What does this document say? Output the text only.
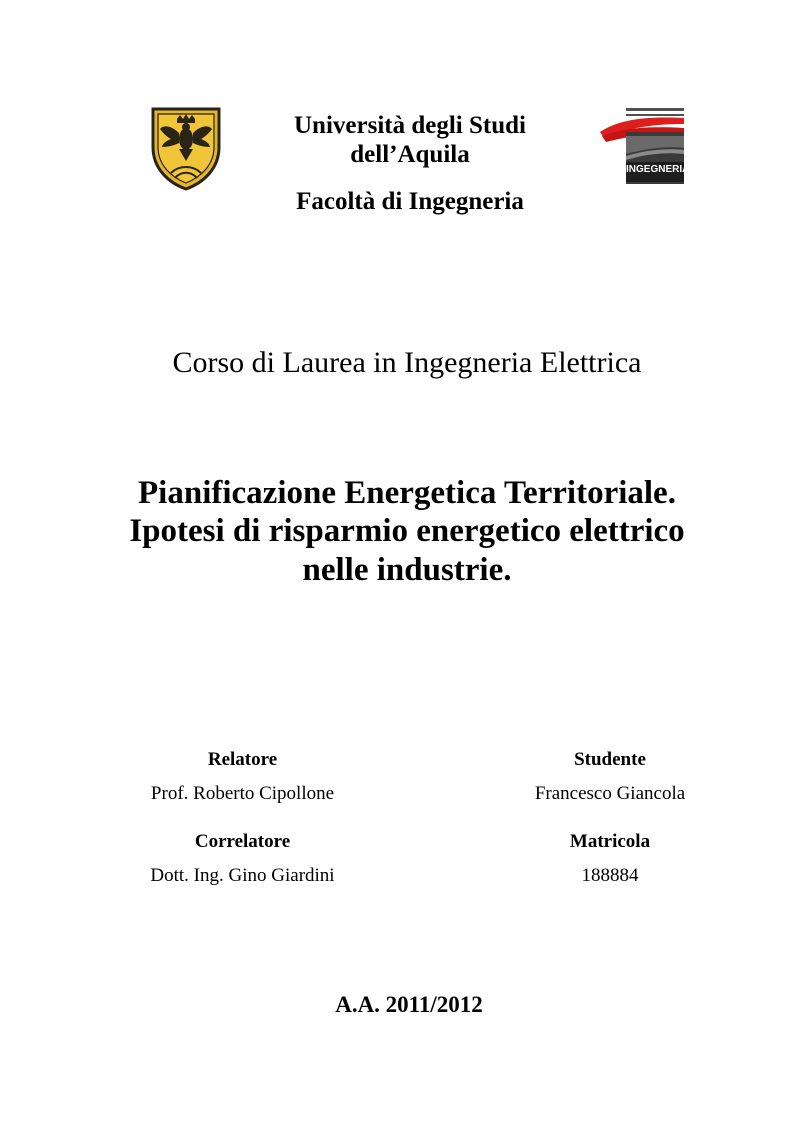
INGEGNERIA
Università degli Studi
dell’Aquila
Facoltà di Ingegneria
Corso di Laurea in Ingegneria Elettrica
Pianificazione Energetica Territoriale.
Ipotesi di risparmio energetico elettrico
nelle industrie.
Relatore
Prof. Roberto Cipollone
Correlatore
Dott. Ing. Gino Giardini
Studente
Francesco Giancola
Matricola
188884
A.A. 2011/2012
